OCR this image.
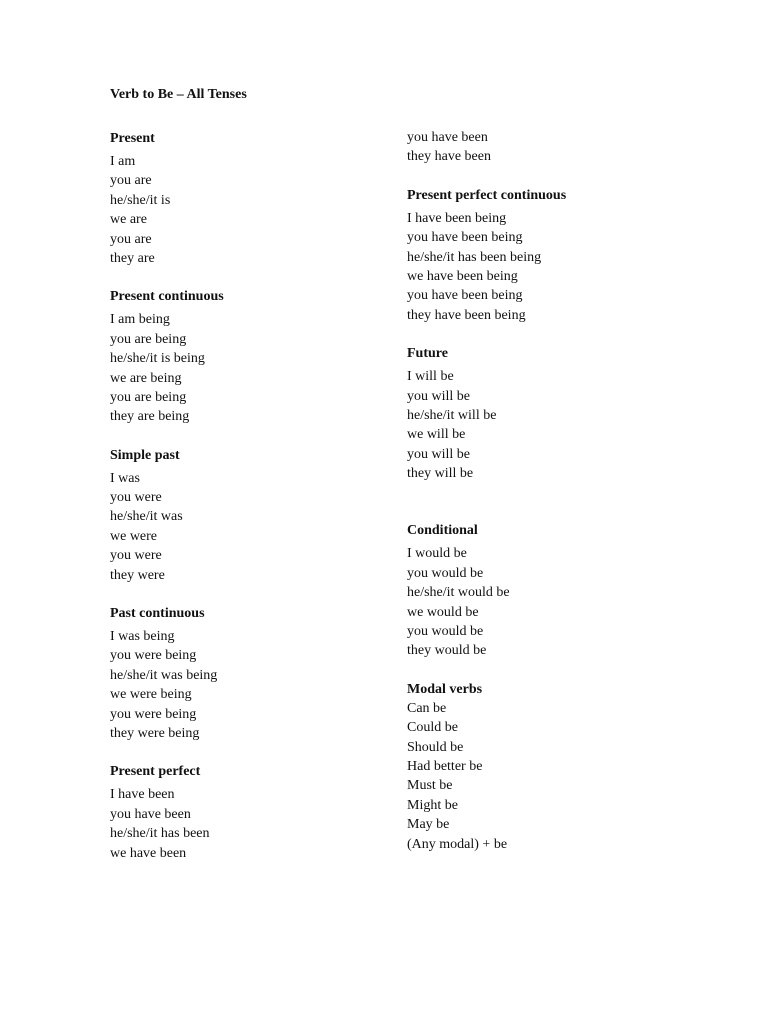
Verb to Be – All Tenses
Present
I am
you are
he/she/it is
we are
you are
they are
Present continuous
I am being
you are being
he/she/it is being
we are being
you are being
they are being
Simple past
I was
you were
he/she/it was
we were
you were
they were
Past continuous
I was being
you were being
he/she/it was being
we were being
you were being
they were being
Present perfect
I have been
you have been
he/she/it has been
we have been
you have been
they have been
Present perfect continuous
I have been being
you have been being
he/she/it has been being
we have been being
you have been being
they have been being
Future
I will be
you will be
he/she/it will be
we will be
you will be
they will be
Conditional
I would be
you would be
he/she/it would be
we would be
you would be
they would be
Modal verbs
Can be
Could be
Should be
Had better be
Must be
Might be
May be
(Any modal) + be
